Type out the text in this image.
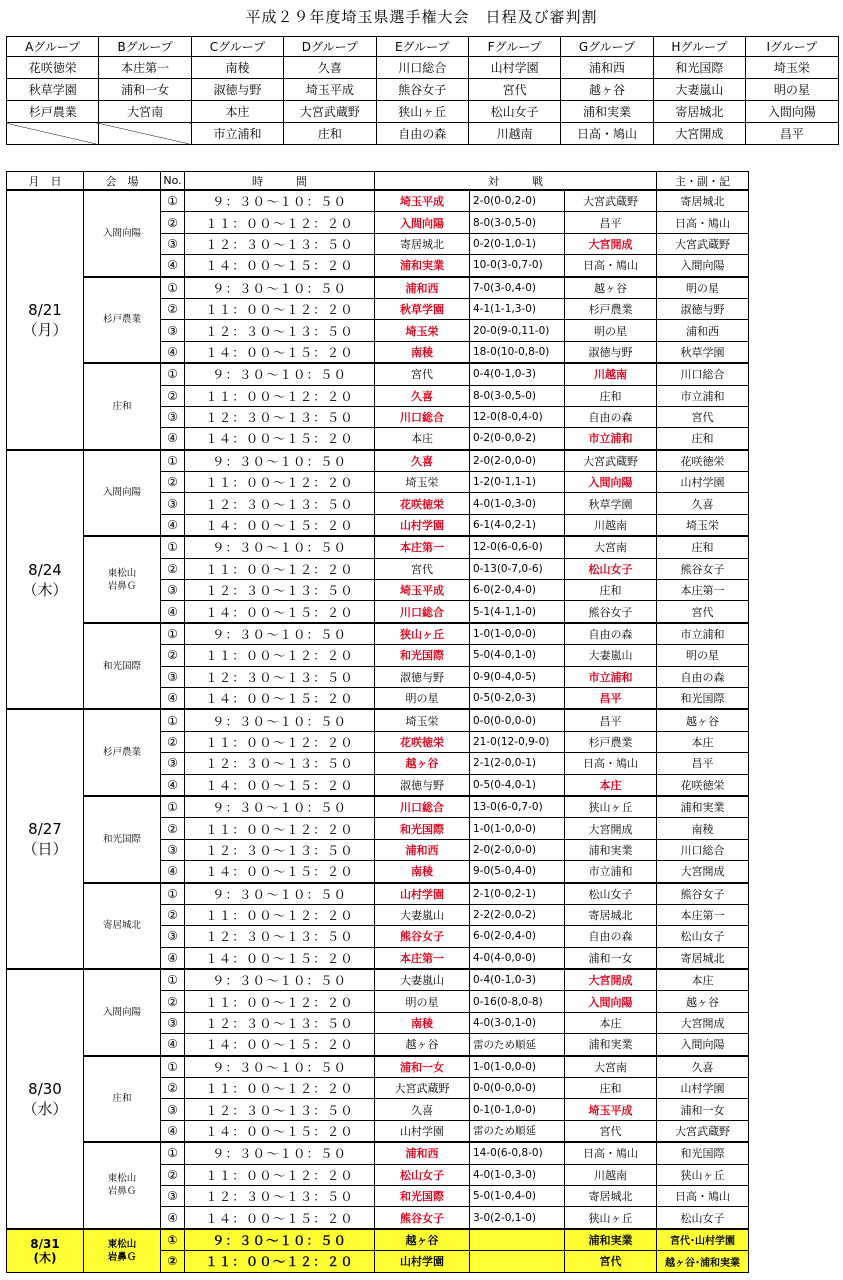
平成２９年度埼玉県選手権大会　日程及び審判割
Aグループ	Bグループ	Cグループ	Dグループ	Eグループ	Fグループ	Gグループ	Hグループ	Iグループ
花咲徳栄	本庄第一	南稜	久喜	川口総合	山村学園	浦和西	和光国際	埼玉栄
秋草学園	浦和一女	淑徳与野	埼玉平成	熊谷女子	宮代	越ヶ谷	大妻嵐山	明の星
杉戸農業	大宮南	本庄	大宮武蔵野	狭山ヶ丘	松山女子	浦和実業	寄居城北	入間向陽
		市立浦和	庄和	自由の森	川越南	日高・鳩山	大宮開成	昌平
月　日	会　場	No.	時　　　間	対　　　戦			主・副・記
8/21
（月）	入間向陽	①	９：３０～１０：５０	埼玉平成	2-0(0-0,2-0)	大宮武蔵野	寄居城北
		②	１１：００～１２：２０	入間向陽	8-0(3-0,5-0)	昌平	日高・鳩山
		③	１２：３０～１３：５０	寄居城北	0-2(0-1,0-1)	大宮開成	大宮武蔵野
		④	１４：００～１５：２０	浦和実業	10-0(3-0,7-0)	日高・鳩山	入間向陽
	杉戸農業	①	９：３０～１０：５０	浦和西	7-0(3-0,4-0)	越ヶ谷	明の星
		②	１１：００～１２：２０	秋草学園	4-1(1-1,3-0)	杉戸農業	淑徳与野
		③	１２：３０～１３：５０	埼玉栄	20-0(9-0,11-0)	明の星	浦和西
		④	１４：００～１５：２０	南稜	18-0(10-0,8-0)	淑徳与野	秋草学園
	庄和	①	９：３０～１０：５０	宮代	0-4(0-1,0-3)	川越南	川口総合
		②	１１：００～１２：２０	久喜	8-0(3-0,5-0)	庄和	市立浦和
		③	１２：３０～１３：５０	川口総合	12-0(8-0,4-0)	自由の森	宮代
		④	１４：００～１５：２０	本庄	0-2(0-0,0-2)	市立浦和	庄和
8/24
（木）	入間向陽	①	９：３０～１０：５０	久喜	2-0(2-0,0-0)	大宮武蔵野	花咲徳栄
		②	１１：００～１２：２０	埼玉栄	1-2(0-1,1-1)	入間向陽	山村学園
		③	１２：３０～１３：５０	花咲徳栄	4-0(1-0,3-0)	秋草学園	久喜
		④	１４：００～１５：２０	山村学園	6-1(4-0,2-1)	川越南	埼玉栄
	東松山
岩鼻Ｇ	①	９：３０～１０：５０	本庄第一	12-0(6-0,6-0)	大宮南	庄和
		②	１１：００～１２：２０	宮代	0-13(0-7,0-6)	松山女子	熊谷女子
		③	１２：３０～１３：５０	埼玉平成	6-0(2-0,4-0)	庄和	本庄第一
		④	１４：００～１５：２０	川口総合	5-1(4-1,1-0)	熊谷女子	宮代
	和光国際	①	９：３０～１０：５０	狭山ヶ丘	1-0(1-0,0-0)	自由の森	市立浦和
		②	１１：００～１２：２０	和光国際	5-0(4-0,1-0)	大妻嵐山	明の星
		③	１２：３０～１３：５０	淑徳与野	0-9(0-4,0-5)	市立浦和	自由の森
		④	１４：００～１５：２０	明の星	0-5(0-2,0-3)	昌平	和光国際
8/27
（日）	杉戸農業	①	９：３０～１０：５０	埼玉栄	0-0(0-0,0-0)	昌平	越ヶ谷
		②	１１：００～１２：２０	花咲徳栄	21-0(12-0,9-0)	杉戸農業	本庄
		③	１２：３０～１３：５０	越ヶ谷	2-1(2-0,0-1)	日高・鳩山	昌平
		④	１４：００～１５：２０	淑徳与野	0-5(0-4,0-1)	本庄	花咲徳栄
	和光国際	①	９：３０～１０：５０	川口総合	13-0(6-0,7-0)	狭山ヶ丘	浦和実業
		②	１１：００～１２：２０	和光国際	1-0(1-0,0-0)	大宮開成	南稜
		③	１２：３０～１３：５０	浦和西	2-0(2-0,0-0)	浦和実業	川口総合
		④	１４：００～１５：２０	南稜	9-0(5-0,4-0)	市立浦和	大宮開成
	寄居城北	①	９：３０～１０：５０	山村学園	2-1(0-0,2-1)	松山女子	熊谷女子
		②	１１：００～１２：２０	大妻嵐山	2-2(2-0,0-2)	寄居城北	本庄第一
		③	１２：３０～１３：５０	熊谷女子	6-0(2-0,4-0)	自由の森	松山女子
		④	１４：００～１５：２０	本庄第一	4-0(4-0,0-0)	浦和一女	寄居城北
8/30
（水）	入間向陽	①	９：３０～１０：５０	大妻嵐山	0-4(0-1,0-3)	大宮開成	本庄
		②	１１：００～１２：２０	明の星	0-16(0-8,0-8)	入間向陽	越ヶ谷
		③	１２：３０～１３：５０	南稜	4-0(3-0,1-0)	本庄	大宮開成
		④	１４：００～１５：２０	越ヶ谷	雷のため順延	浦和実業	入間向陽
	庄和	①	９：３０～１０：５０	浦和一女	1-0(1-0,0-0)	大宮南	久喜
		②	１１：００～１２：２０	大宮武蔵野	0-0(0-0,0-0)	庄和	山村学園
		③	１２：３０～１３：５０	久喜	0-1(0-1,0-0)	埼玉平成	浦和一女
		④	１４：００～１５：２０	山村学園	雷のため順延	宮代	大宮武蔵野
	東松山
岩鼻Ｇ	①	９：３０～１０：５０	浦和西	14-0(6-0,8-0)	日高・鳩山	和光国際
		②	１１：００～１２：２０	松山女子	4-0(1-0,3-0)	川越南	狭山ヶ丘
		③	１２：３０～１３：５０	和光国際	5-0(1-0,4-0)	寄居城北	日高・鳩山
		④	１４：００～１５：２０	熊谷女子	3-0(2-0,1-0)	狭山ヶ丘	松山女子
8/31
(木)	東松山
岩鼻Ｇ	①	９：３０～１０：５０	越ヶ谷		浦和実業	宮代･山村学園
		②	１１：００～１２：２０	山村学園		宮代	越ヶ谷･浦和実業
